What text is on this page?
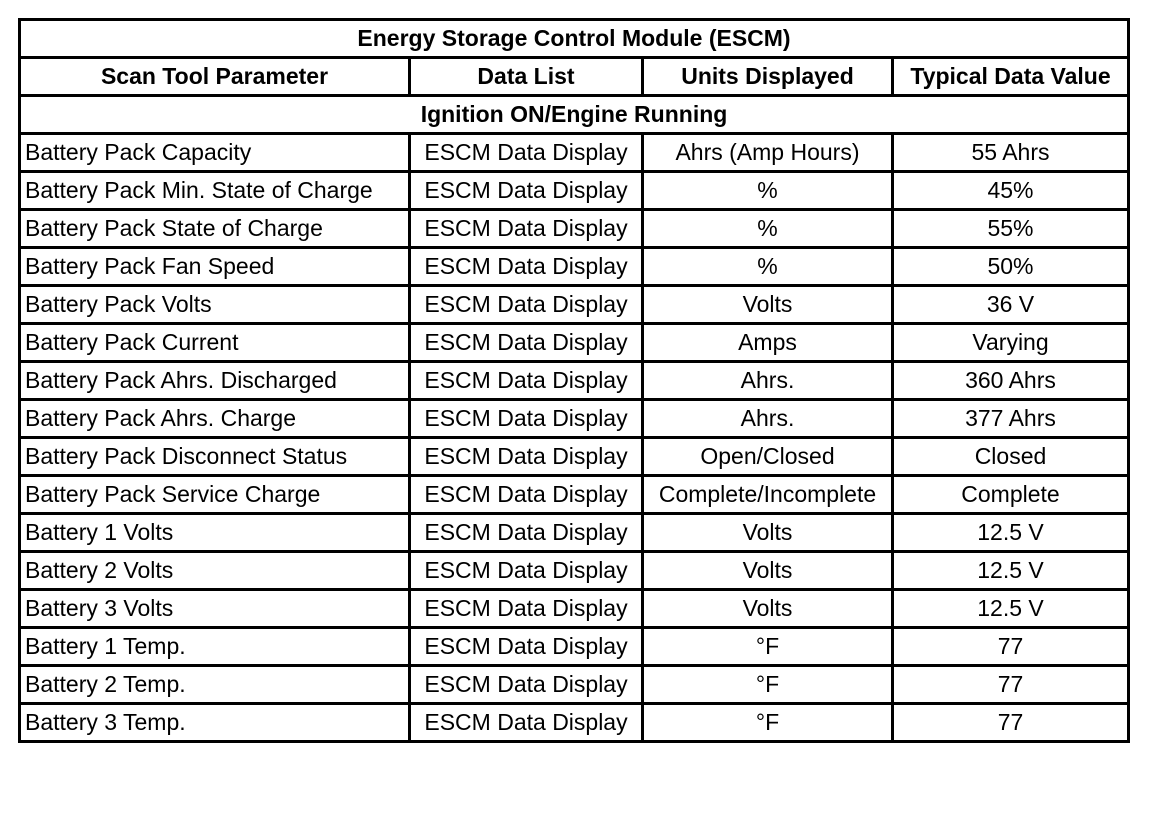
Energy Storage Control Module (ESCM)			
Scan Tool Parameter	Data List	Units Displayed	Typical Data Value
Ignition ON/Engine Running			
Battery Pack Capacity	ESCM Data Display	Ahrs (Amp Hours)	55 Ahrs
Battery Pack Min. State of Charge	ESCM Data Display	%	45%
Battery Pack State of Charge	ESCM Data Display	%	55%
Battery Pack Fan Speed	ESCM Data Display	%	50%
Battery Pack Volts	ESCM Data Display	Volts	36 V
Battery Pack Current	ESCM Data Display	Amps	Varying
Battery Pack Ahrs. Discharged	ESCM Data Display	Ahrs.	360 Ahrs
Battery Pack Ahrs. Charge	ESCM Data Display	Ahrs.	377 Ahrs
Battery Pack Disconnect Status	ESCM Data Display	Open/Closed	Closed
Battery Pack Service Charge	ESCM Data Display	Complete/Incomplete	Complete
Battery 1 Volts	ESCM Data Display	Volts	12.5 V
Battery 2 Volts	ESCM Data Display	Volts	12.5 V
Battery 3 Volts	ESCM Data Display	Volts	12.5 V
Battery 1 Temp.	ESCM Data Display	°F	77
Battery 2 Temp.	ESCM Data Display	°F	77
Battery 3 Temp.	ESCM Data Display	°F	77
